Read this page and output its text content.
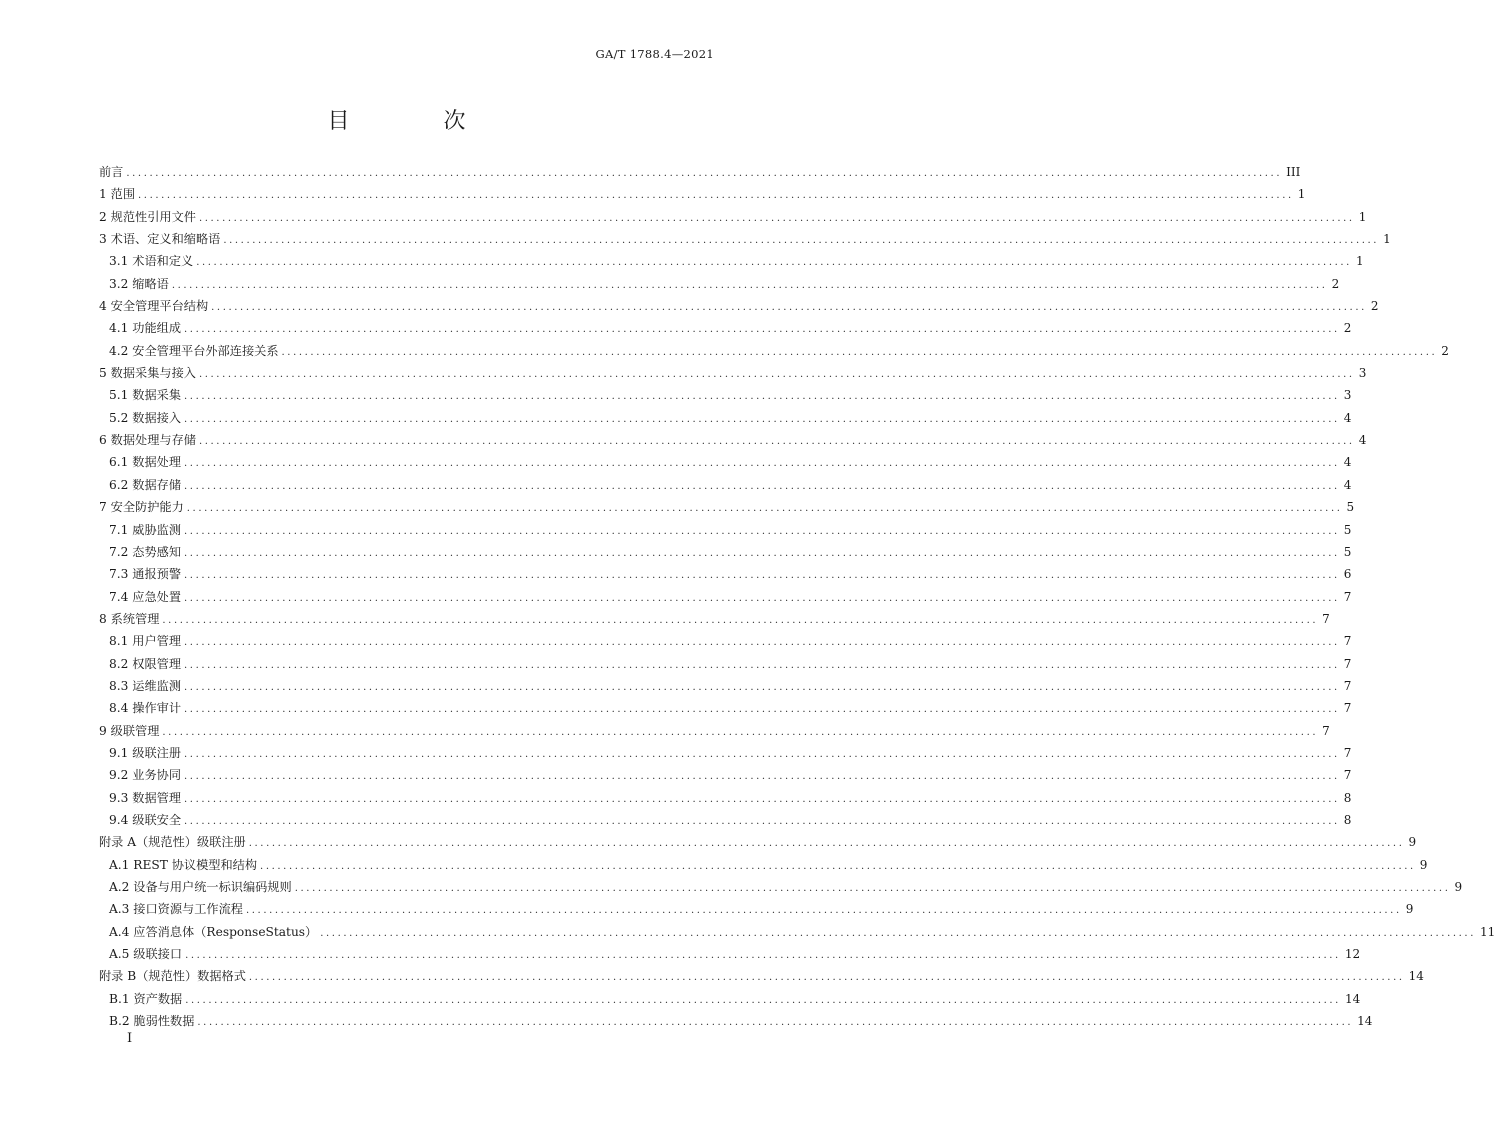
GA/T 1788.4—2021
目　次
前言 ........................................................................................................................................................................................................ III
1 范围 ........................................................................................................................................................................................................ 1
2 规范性引用文件 ........................................................................................................................................................................................................ 1
3 术语、定义和缩略语 ........................................................................................................................................................................................................ 1
3.1 术语和定义 ........................................................................................................................................................................................................ 1
3.2 缩略语 ........................................................................................................................................................................................................ 2
4 安全管理平台结构 ........................................................................................................................................................................................................ 2
4.1 功能组成 ........................................................................................................................................................................................................ 2
4.2 安全管理平台外部连接关系 ........................................................................................................................................................................................................ 2
5 数据采集与接入 ........................................................................................................................................................................................................ 3
5.1 数据采集 ........................................................................................................................................................................................................ 3
5.2 数据接入 ........................................................................................................................................................................................................ 4
6 数据处理与存储 ........................................................................................................................................................................................................ 4
6.1 数据处理 ........................................................................................................................................................................................................ 4
6.2 数据存储 ........................................................................................................................................................................................................ 4
7 安全防护能力 ........................................................................................................................................................................................................ 5
7.1 威胁监测 ........................................................................................................................................................................................................ 5
7.2 态势感知 ........................................................................................................................................................................................................ 5
7.3 通报预警 ........................................................................................................................................................................................................ 6
7.4 应急处置 ........................................................................................................................................................................................................ 7
8 系统管理 ........................................................................................................................................................................................................ 7
8.1 用户管理 ........................................................................................................................................................................................................ 7
8.2 权限管理 ........................................................................................................................................................................................................ 7
8.3 运维监测 ........................................................................................................................................................................................................ 7
8.4 操作审计 ........................................................................................................................................................................................................ 7
9 级联管理 ........................................................................................................................................................................................................ 7
9.1 级联注册 ........................................................................................................................................................................................................ 7
9.2 业务协同 ........................................................................................................................................................................................................ 7
9.3 数据管理 ........................................................................................................................................................................................................ 8
9.4 级联安全 ........................................................................................................................................................................................................ 8
附录 A（规范性）级联注册 ........................................................................................................................................................................................................ 9
A.1 REST 协议模型和结构 ........................................................................................................................................................................................................ 9
A.2 设备与用户统一标识编码规则 ........................................................................................................................................................................................................ 9
A.3 接口资源与工作流程 ........................................................................................................................................................................................................ 9
A.4 应答消息体（ResponseStatus） ........................................................................................................................................................................................................ 11
A.5 级联接口 ........................................................................................................................................................................................................ 12
附录 B（规范性）数据格式 ........................................................................................................................................................................................................ 14
B.1 资产数据 ........................................................................................................................................................................................................ 14
B.2 脆弱性数据 ........................................................................................................................................................................................................ 14
I
